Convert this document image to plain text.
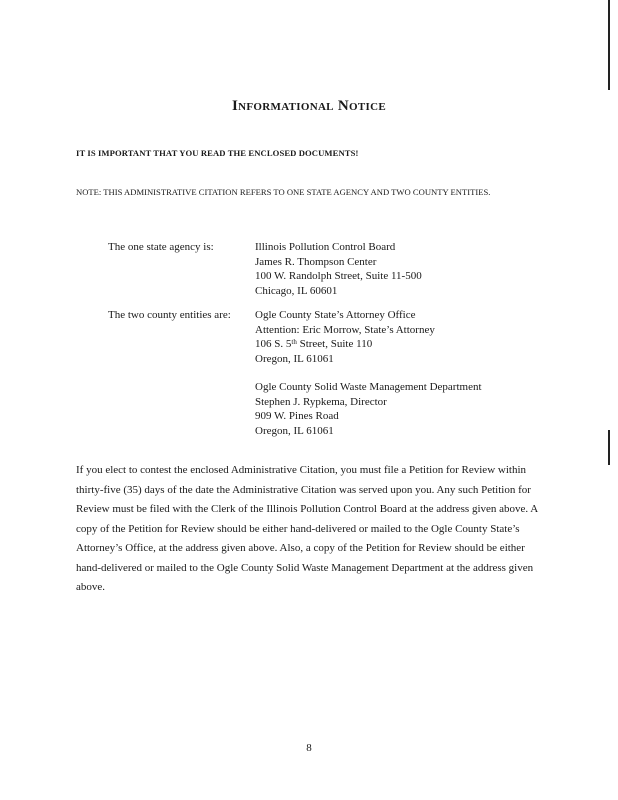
Informational Notice
IT IS IMPORTANT THAT YOU READ THE ENCLOSED DOCUMENTS!
NOTE: THIS ADMINISTRATIVE CITATION REFERS TO ONE STATE AGENCY AND TWO COUNTY ENTITIES.
The one state agency is:	Illinois Pollution Control Board
James R. Thompson Center
100 W. Randolph Street, Suite 11-500
Chicago, IL 60601
The two county entities are: Ogle County State’s Attorney Office
Attention: Eric Morrow, State’s Attorney
106 S. 5th Street, Suite 110
Oregon, IL 61061
Ogle County Solid Waste Management Department
Stephen J. Rypkema, Director
909 W. Pines Road
Oregon, IL 61061
If you elect to contest the enclosed Administrative Citation, you must file a Petition for Review within thirty-five (35) days of the date the Administrative Citation was served upon you. Any such Petition for Review must be filed with the Clerk of the Illinois Pollution Control Board at the address given above. A copy of the Petition for Review should be either hand-delivered or mailed to the Ogle County State’s Attorney’s Office, at the address given above. Also, a copy of the Petition for Review should be either hand-delivered or mailed to the Ogle County Solid Waste Management Department at the address given above.
8
